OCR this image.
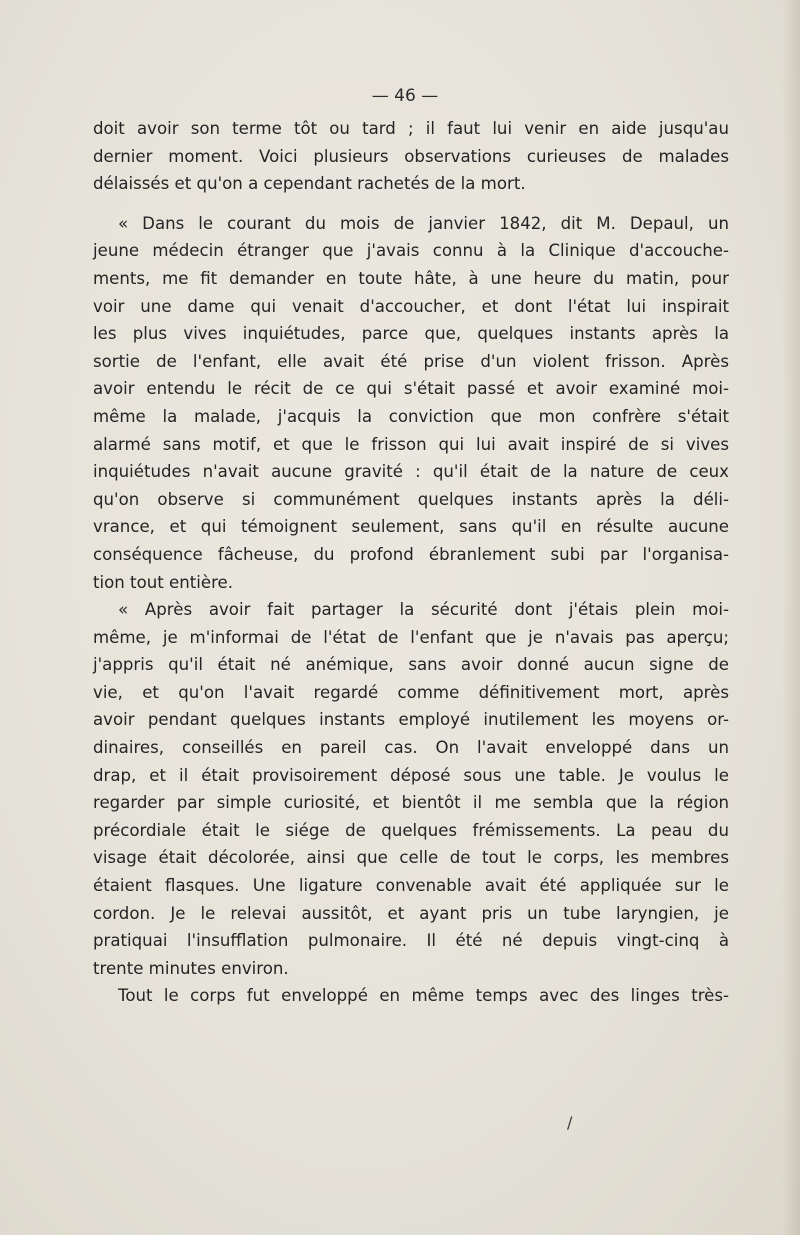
— 46 —
doit avoir son terme tôt ou tard ; il faut lui venir en aide jusqu'au
dernier moment. Voici plusieurs observations curieuses de malades
délaissés et qu'on a cependant rachetés de la mort.
« Dans le courant du mois de janvier 1842, dit M. Depaul, un
jeune médecin étranger que j'avais connu à la Clinique d'accouche-
ments, me fit demander en toute hâte, à une heure du matin, pour
voir une dame qui venait d'accoucher, et dont l'état lui inspirait
les plus vives inquiétudes, parce que, quelques instants après la
sortie de l'enfant, elle avait été prise d'un violent frisson. Après
avoir entendu le récit de ce qui s'était passé et avoir examiné moi-
même la malade, j'acquis la conviction que mon confrère s'était
alarmé sans motif, et que le frisson qui lui avait inspiré de si vives
inquiétudes n'avait aucune gravité : qu'il était de la nature de ceux
qu'on observe si communément quelques instants après la déli-
vrance, et qui témoignent seulement, sans qu'il en résulte aucune
conséquence fâcheuse, du profond ébranlement subi par l'organisa-
tion tout entière.
« Après avoir fait partager la sécurité dont j'étais plein moi-
même, je m'informai de l'état de l'enfant que je n'avais pas aperçu;
j'appris qu'il était né anémique, sans avoir donné aucun signe de
vie, et qu'on l'avait regardé comme définitivement mort, après
avoir pendant quelques instants employé inutilement les moyens or-
dinaires, conseillés en pareil cas. On l'avait enveloppé dans un
drap, et il était provisoirement déposé sous une table. Je voulus le
regarder par simple curiosité, et bientôt il me sembla que la région
précordiale était le siége de quelques frémissements. La peau du
visage était décolorée, ainsi que celle de tout le corps, les membres
étaient flasques. Une ligature convenable avait été appliquée sur le
cordon. Je le relevai aussitôt, et ayant pris un tube laryngien, je
pratiquai l'insufflation pulmonaire. Il été né depuis vingt-cinq à
trente minutes environ.
Tout le corps fut enveloppé en même temps avec des linges très-
/
